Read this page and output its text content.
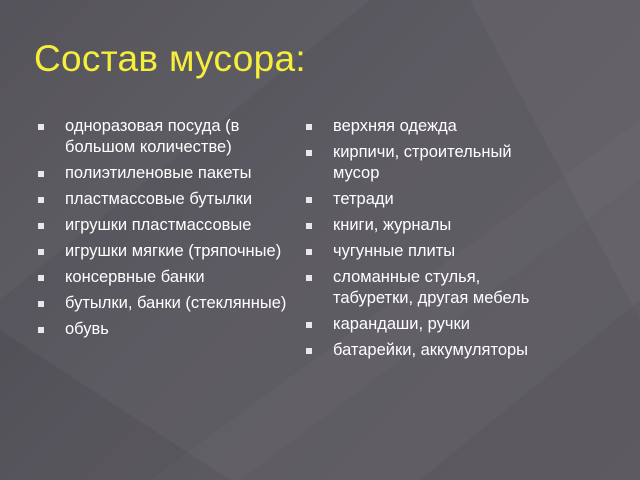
Состав мусора:
одноразовая посуда (в большом количестве)
полиэтиленовые пакеты
пластмассовые бутылки
игрушки пластмассовые
игрушки мягкие (тряпочные)
консервные банки
бутылки, банки (стеклянные)
обувь
верхняя одежда
кирпичи, строительный мусор
тетради
книги, журналы
чугунные плиты
сломанные стулья, табуретки, другая мебель
карандаши, ручки
батарейки, аккумуляторы
